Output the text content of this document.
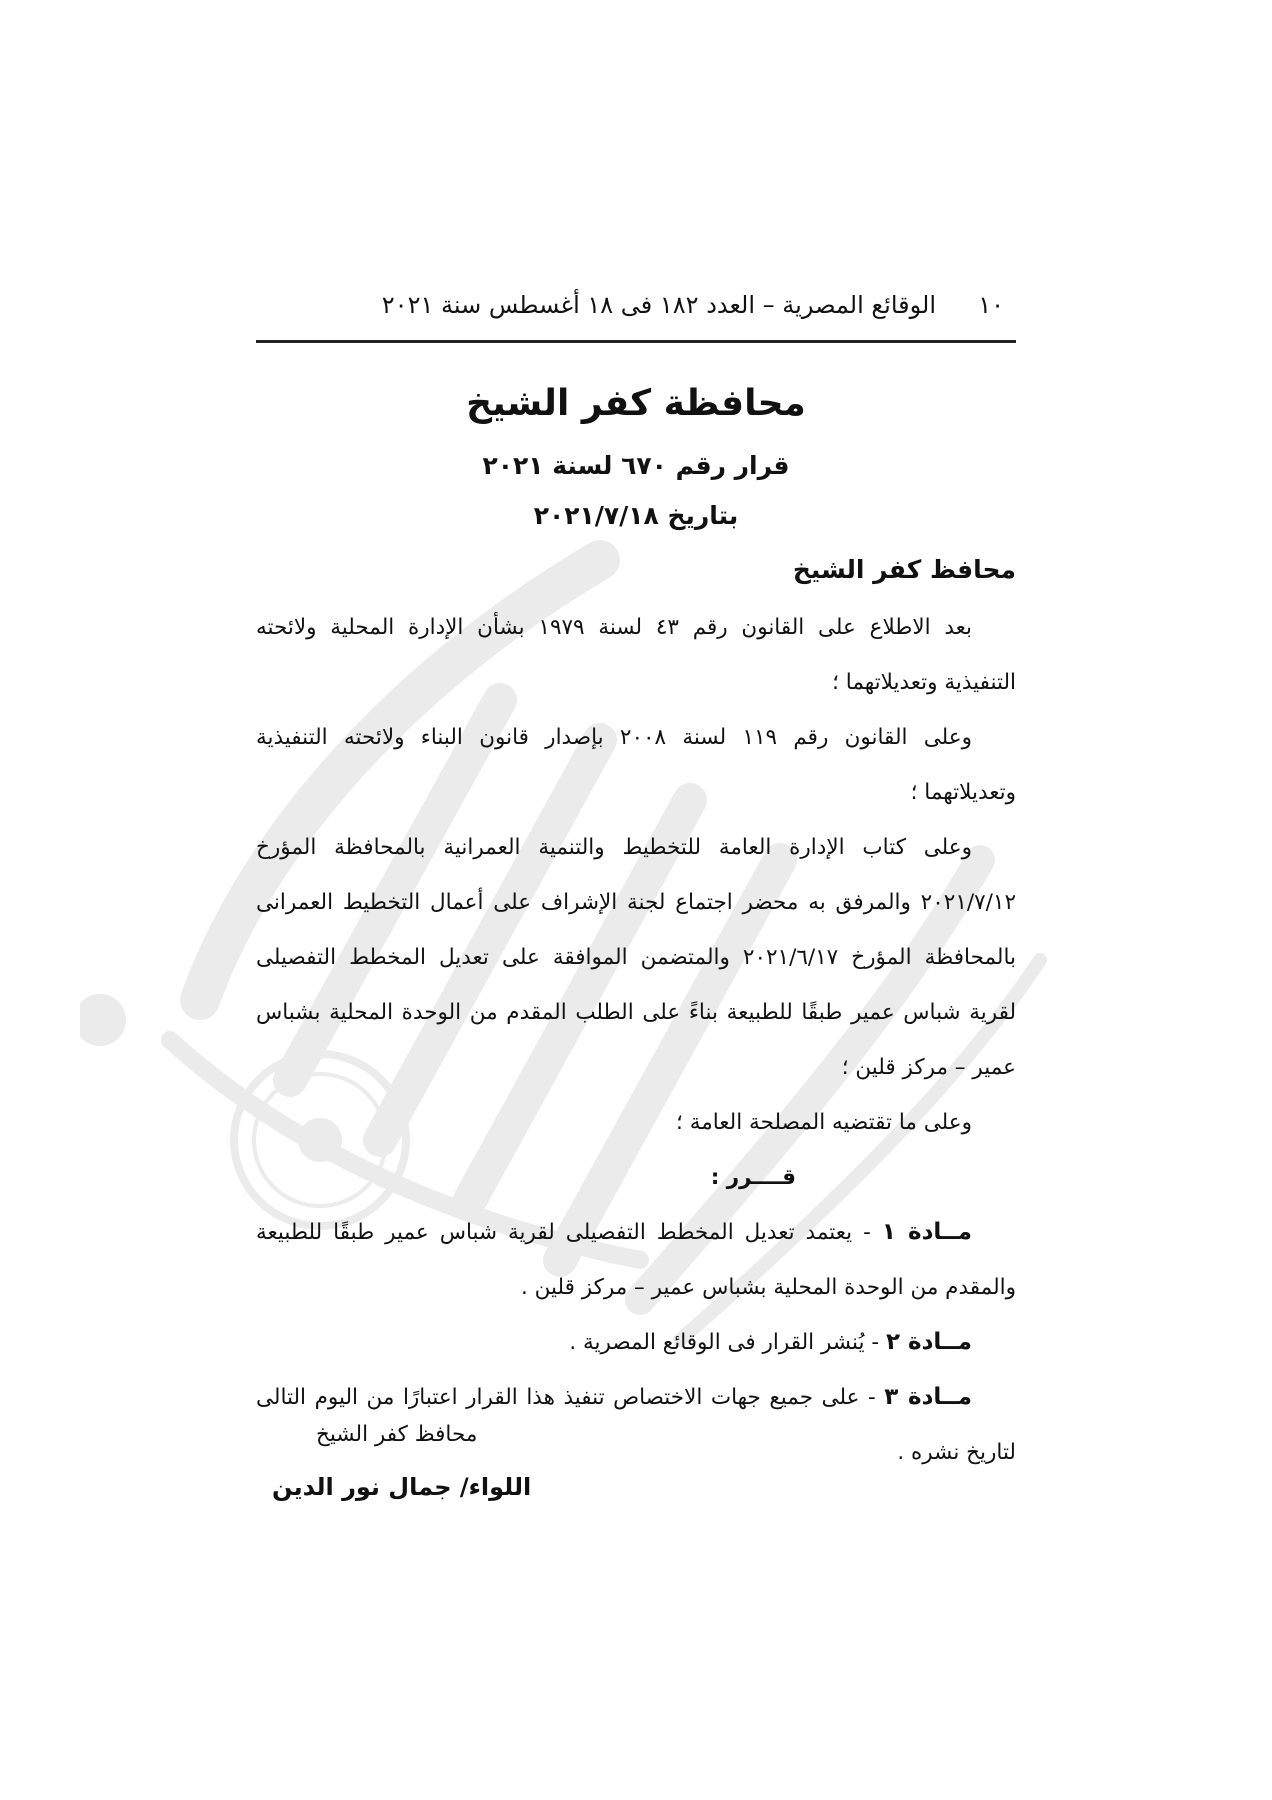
١٠
الوقائع المصرية – العدد ١٨٢ فى ١٨ أغسطس سنة ٢٠٢١
محافظة كفر الشيخ
قرار رقم ٦٧٠ لسنة ٢٠٢١
بتاريخ ٢٠٢١/٧/١٨
محافظ كفر الشيخ

بعد الاطلاع على القانون رقم ٤٣ لسنة ١٩٧٩ بشأن الإدارة المحلية ولائحته التنفيذية وتعديلاتهما ؛

وعلى القانون رقم ١١٩ لسنة ٢٠٠٨ بإصدار قانون البناء ولائحته التنفيذية وتعديلاتهما ؛

وعلى كتاب الإدارة العامة للتخطيط والتنمية العمرانية بالمحافظة المؤرخ ٢٠٢١/٧/١٢ والمرفق به محضر اجتماع لجنة الإشراف على أعمال التخطيط العمرانى بالمحافظة المؤرخ ٢٠٢١/٦/١٧ والمتضمن الموافقة على تعديل المخطط التفصيلى لقرية شباس عمير طبقًا للطبيعة بناءً على الطلب المقدم من الوحدة المحلية بشباس عمير – مركز قلين ؛

وعلى ما تقتضيه المصلحة العامة ؛

قــــرر :

مــادة ١ - يعتمد تعديل المخطط التفصيلى لقرية شباس عمير طبقًا للطبيعة والمقدم من الوحدة المحلية بشباس عمير – مركز قلين .

مــادة ٢ - يُنشر القرار فى الوقائع المصرية .

مــادة ٣ - على جميع جهات الاختصاص تنفيذ هذا القرار اعتبارًا من اليوم التالى لتاريخ نشره .

محافظ كفر الشيخ
اللواء/ جمال نور الدين
